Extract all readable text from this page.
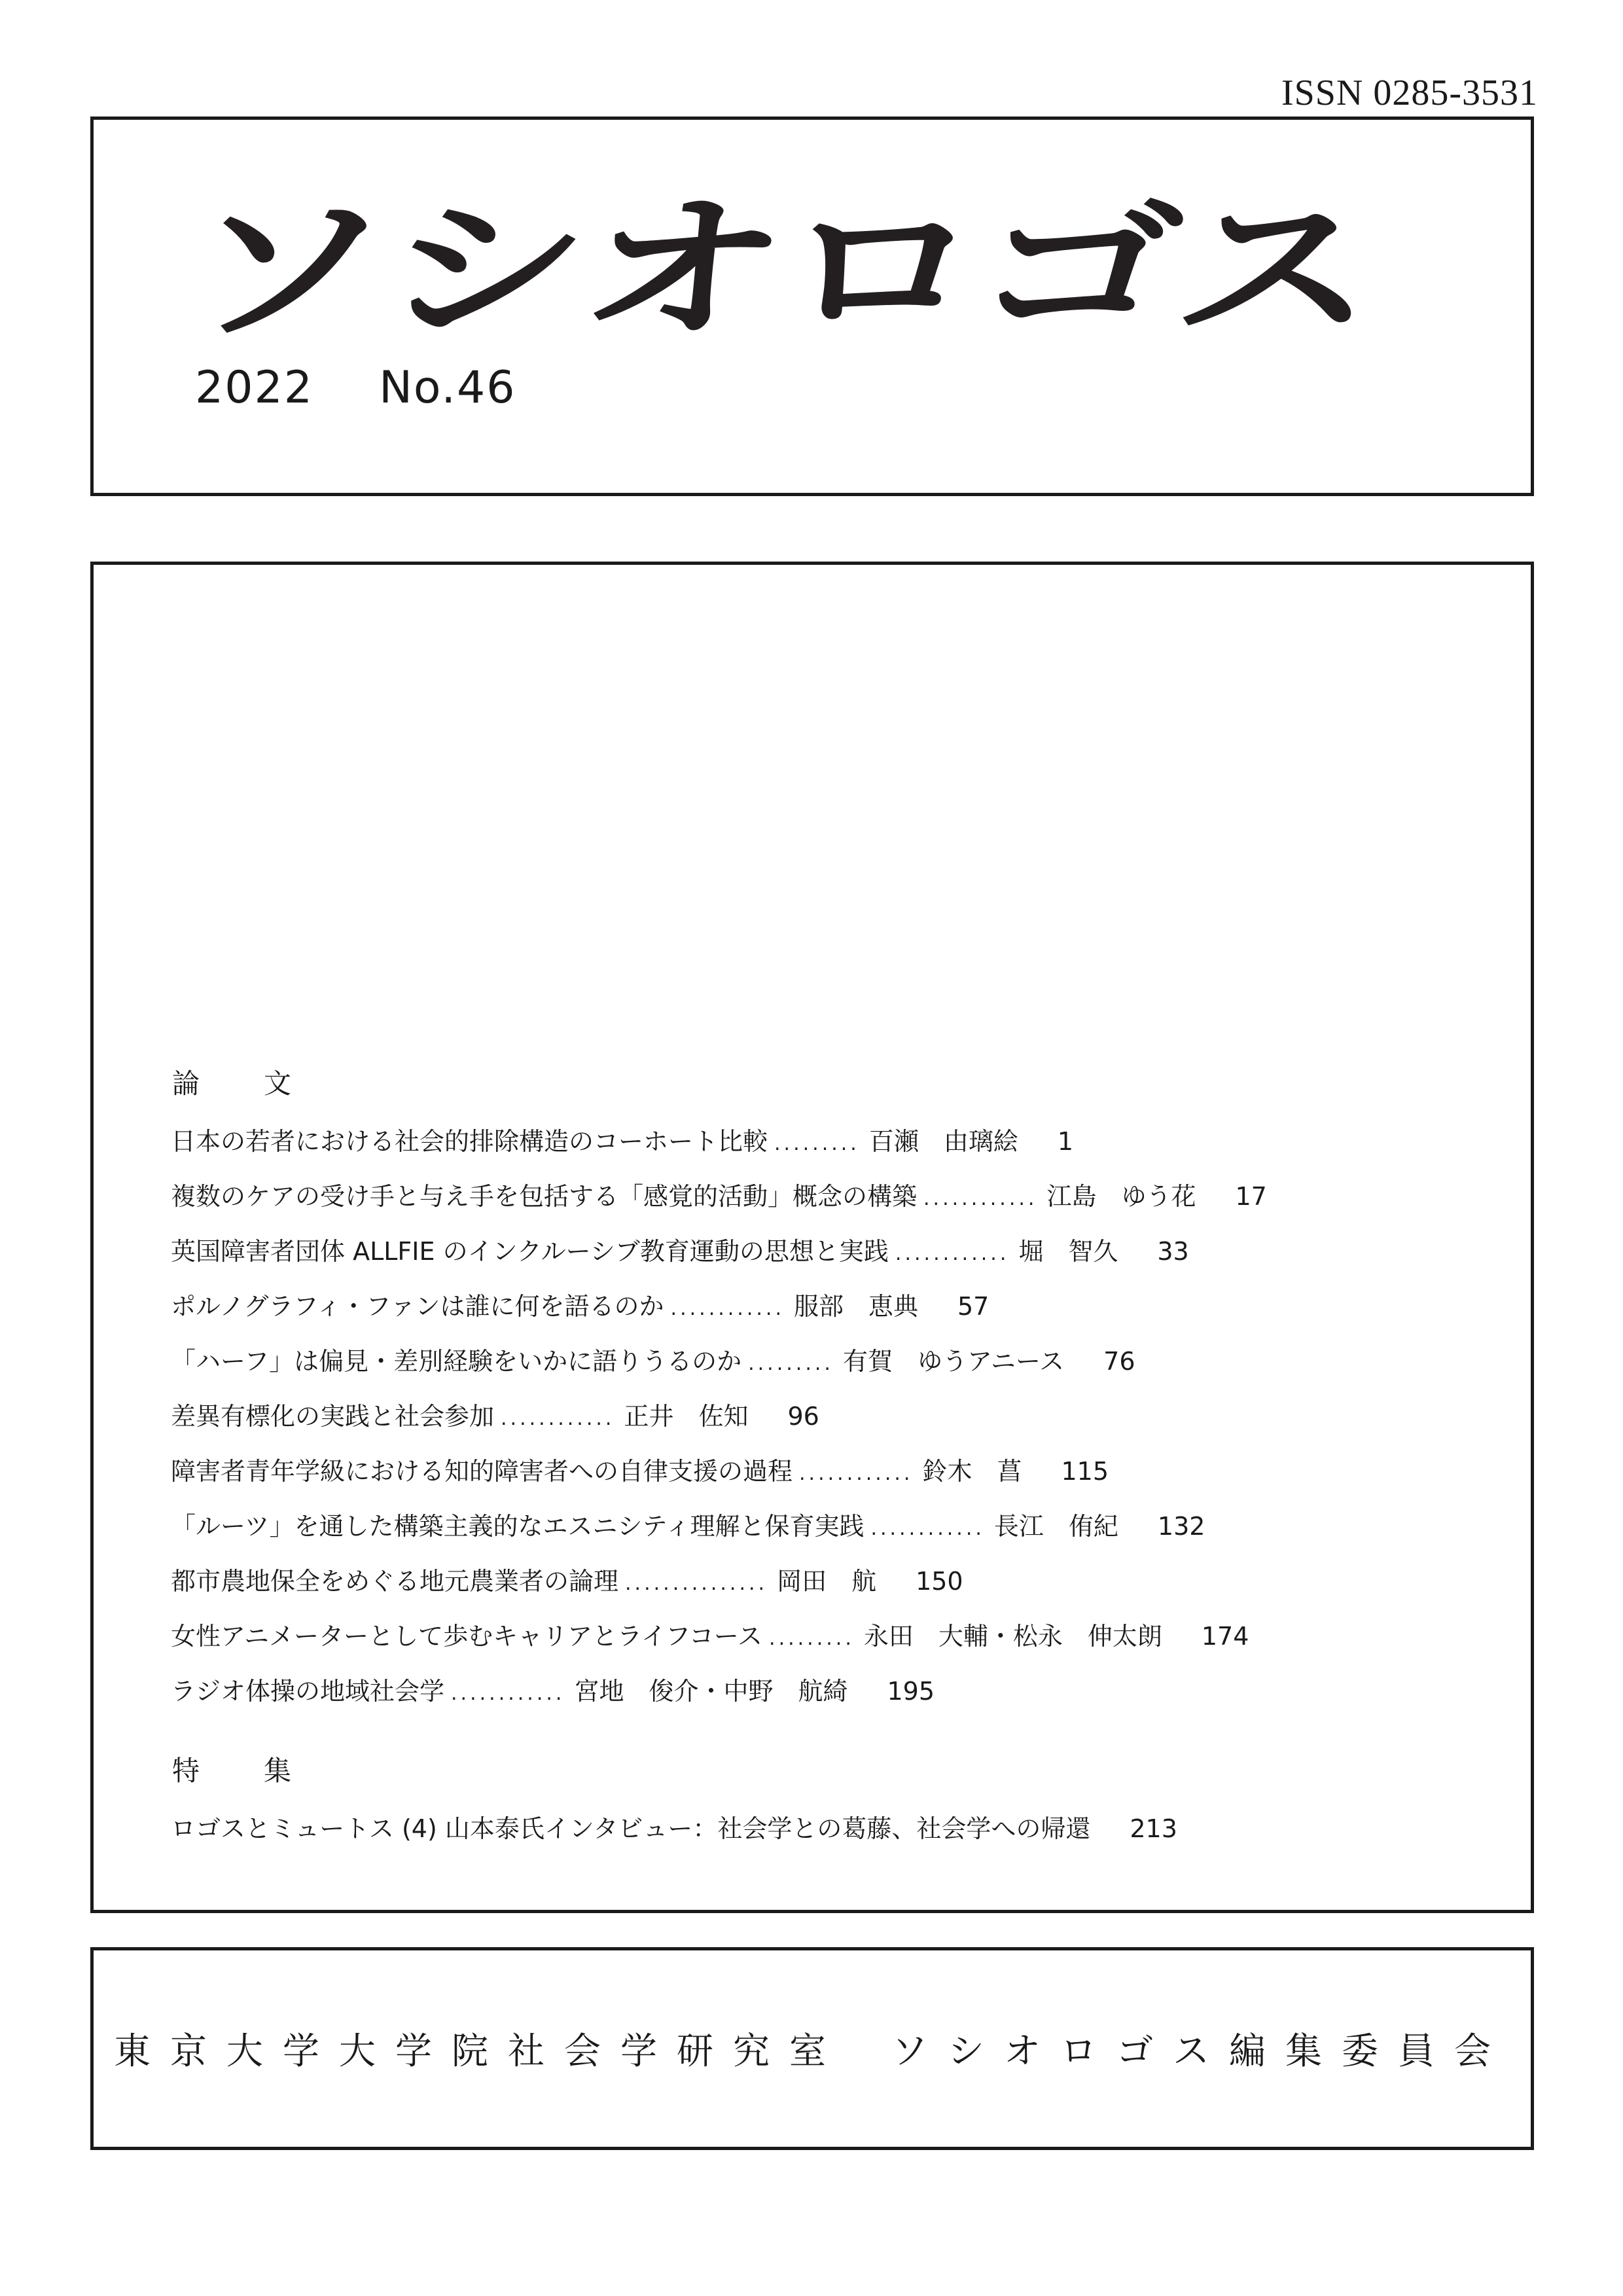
ISSN 0285-3531
ソシオロゴス
2022 No.46
論　文
日本の若者における社会的排除構造のコーホート比較 ......... 百瀬　由璃絵 1
複数のケアの受け手と与え手を包括する「感覚的活動」概念の構築 ............ 江島　ゆう花 17
英国障害者団体 ALLFIE のインクルーシブ教育運動の思想と実践 ............ 堀　智久 33
ポルノグラフィ・ファンは誰に何を語るのか ............ 服部　恵典 57
「ハーフ」は偏見・差別経験をいかに語りうるのか ......... 有賀　ゆうアニース 76
差異有標化の実践と社会参加 ............ 正井　佐知 96
障害者青年学級における知的障害者への自律支援の過程 ............ 鈴木　菖 115
「ルーツ」を通した構築主義的なエスニシティ理解と保育実践 ............ 長江　侑紀 132
都市農地保全をめぐる地元農業者の論理 ............... 岡田　航 150
女性アニメーターとして歩むキャリアとライフコース ......... 永田　大輔・松永　伸太朗 174
ラジオ体操の地域社会学 ............ 宮地　俊介・中野　航綺 195
特　集
ロゴスとミュートス (4) 山本泰氏インタビュー：社会学との葛藤、社会学への帰還 213
東京大学大学院社会学研究室 ソシオロゴス編集委員会
